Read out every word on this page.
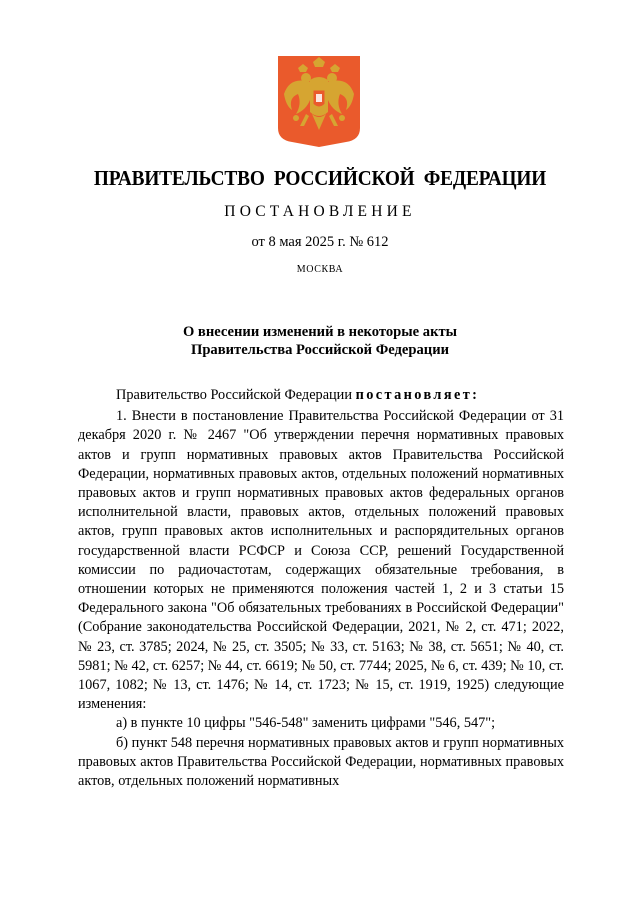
ПРАВИТЕЛЬСТВО РОССИЙСКОЙ ФЕДЕРАЦИИ
ПОСТАНОВЛЕНИЕ
от 8 мая 2025 г. № 612
МОСКВА
О внесении изменений в некоторые акты
Правительства Российской Федерации

Правительство Российской Федерации постановляет:

1. Внести в постановление Правительства Российской Федерации от 31 декабря 2020 г. № 2467 "Об утверждении перечня нормативных правовых актов и групп нормативных правовых актов Правительства Российской Федерации, нормативных правовых актов, отдельных положений нормативных правовых актов и групп нормативных правовых актов федеральных органов исполнительной власти, правовых актов, отдельных положений правовых актов, групп правовых актов исполнительных и распорядительных органов государственной власти РСФСР и Союза ССР, решений Государственной комиссии по радиочастотам, содержащих обязательные требования, в отношении которых не применяются положения частей 1, 2 и 3 статьи 15 Федерального закона "Об обязательных требованиях в Российской Федерации" (Собрание законодательства Российской Федерации, 2021, № 2, ст. 471; 2022, № 23, ст. 3785; 2024, № 25, ст. 3505; № 33, ст. 5163; № 38, ст. 5651; № 40, ст. 5981; № 42, ст. 6257; № 44, ст. 6619; № 50, ст. 7744; 2025, № 6, ст. 439; № 10, ст. 1067, 1082; № 13, ст. 1476; № 14, ст. 1723; № 15, ст. 1919, 1925) следующие изменения:

а) в пункте 10 цифры "546-548" заменить цифрами "546, 547";

б) пункт 548 перечня нормативных правовых актов и групп нормативных правовых актов Правительства Российской Федерации, нормативных правовых актов, отдельных положений нормативных
